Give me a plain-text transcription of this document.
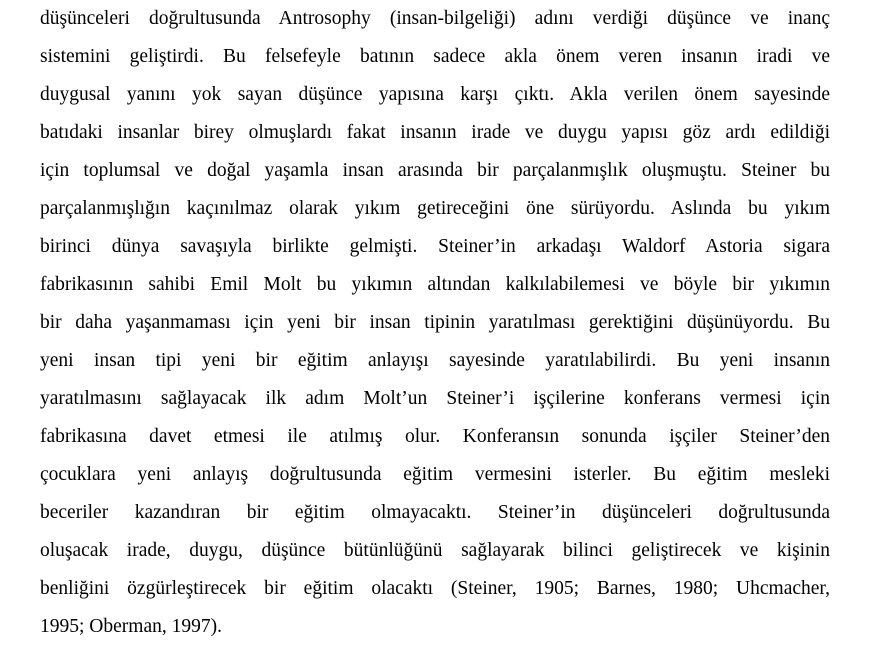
düşünceleri doğrultusunda Antrosophy (insan-bilgeliği) adını verdiği düşünce ve inanç
sistemini geliştirdi. Bu felsefeyle batının sadece akla önem veren insanın iradi ve
duygusal yanını yok sayan düşünce yapısına karşı çıktı. Akla verilen önem sayesinde
batıdaki insanlar birey olmuşlardı fakat insanın irade ve duygu yapısı göz ardı edildiği
için toplumsal ve doğal yaşamla insan arasında bir parçalanmışlık oluşmuştu. Steiner bu
parçalanmışlığın kaçınılmaz olarak yıkım getireceğini öne sürüyordu. Aslında bu yıkım
birinci dünya savaşıyla birlikte gelmişti. Steiner’in arkadaşı Waldorf Astoria sigara
fabrikasının sahibi Emil Molt bu yıkımın altından kalkılabilemesi ve böyle bir yıkımın
bir daha yaşanmaması için yeni bir insan tipinin yaratılması gerektiğini düşünüyordu. Bu
yeni insan tipi yeni bir eğitim anlayışı sayesinde yaratılabilirdi. Bu yeni insanın
yaratılmasını sağlayacak ilk adım Molt’un Steiner’i işçilerine konferans vermesi için
fabrikasına davet etmesi ile atılmış olur. Konferansın sonunda işçiler Steiner’den
çocuklara yeni anlayış doğrultusunda eğitim vermesini isterler. Bu eğitim mesleki
beceriler kazandıran bir eğitim olmayacaktı. Steiner’in düşünceleri doğrultusunda
oluşacak irade, duygu, düşünce bütünlüğünü sağlayarak bilinci geliştirecek ve kişinin
benliğini özgürleştirecek bir eğitim olacaktı (Steiner, 1905; Barnes, 1980; Uhcmacher,
1995; Oberman, 1997).
